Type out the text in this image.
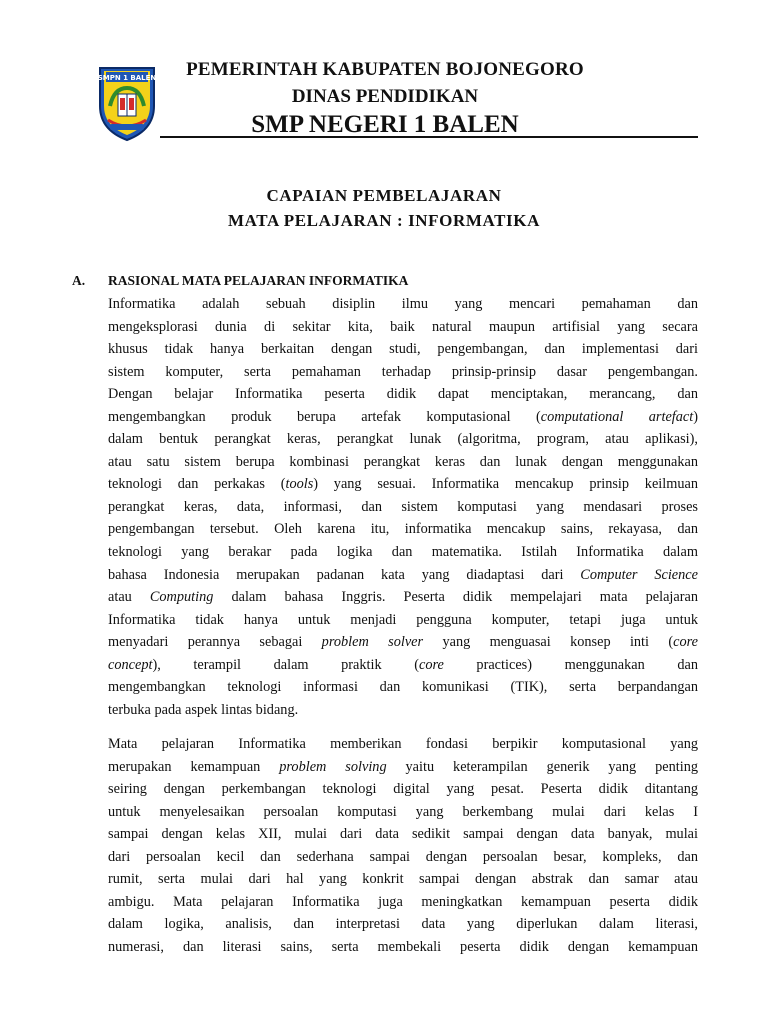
SMPN 1 BALEN	PEMERINTAH KABUPATEN BOJONEGORO
DINAS PENDIDIKAN
SMP NEGERI 1 BALEN
CAPAIAN PEMBELAJARAN
MATA PELAJARAN : INFORMATIKA
A. RASIONAL MATA PELAJARAN INFORMATIKA
Informatika adalah sebuah disiplin ilmu yang mencari pemahaman dan
mengeksplorasi dunia di sekitar kita, baik natural maupun artifisial yang secara
khusus tidak hanya berkaitan dengan studi, pengembangan, dan implementasi dari
sistem komputer, serta pemahaman terhadap prinsip-prinsip dasar pengembangan.
Dengan belajar Informatika peserta didik dapat menciptakan, merancang, dan
mengembangkan produk berupa artefak komputasional (computational artefact)
dalam bentuk perangkat keras, perangkat lunak (algoritma, program, atau aplikasi),
atau satu sistem berupa kombinasi perangkat keras dan lunak dengan menggunakan
teknologi dan perkakas (tools) yang sesuai. Informatika mencakup prinsip keilmuan
perangkat keras, data, informasi, dan sistem komputasi yang mendasari proses
pengembangan tersebut. Oleh karena itu, informatika mencakup sains, rekayasa, dan
teknologi yang berakar pada logika dan matematika. Istilah Informatika dalam
bahasa Indonesia merupakan padanan kata yang diadaptasi dari Computer Science
atau Computing dalam bahasa Inggris. Peserta didik mempelajari mata pelajaran
Informatika tidak hanya untuk menjadi pengguna komputer, tetapi juga untuk
menyadari perannya sebagai problem solver yang menguasai konsep inti (core
concept), terampil dalam praktik (core practices) menggunakan dan
mengembangkan teknologi informasi dan komunikasi (TIK), serta berpandangan
terbuka pada aspek lintas bidang.
Mata pelajaran Informatika memberikan fondasi berpikir komputasional yang
merupakan kemampuan problem solving yaitu keterampilan generik yang penting
seiring dengan perkembangan teknologi digital yang pesat. Peserta didik ditantang
untuk menyelesaikan persoalan komputasi yang berkembang mulai dari kelas I
sampai dengan kelas XII, mulai dari data sedikit sampai dengan data banyak, mulai
dari persoalan kecil dan sederhana sampai dengan persoalan besar, kompleks, dan
rumit, serta mulai dari hal yang konkrit sampai dengan abstrak dan samar atau
ambigu. Mata pelajaran Informatika juga meningkatkan kemampuan peserta didik
dalam logika, analisis, dan interpretasi data yang diperlukan dalam literasi,
numerasi, dan literasi sains, serta membekali peserta didik dengan kemampuan
